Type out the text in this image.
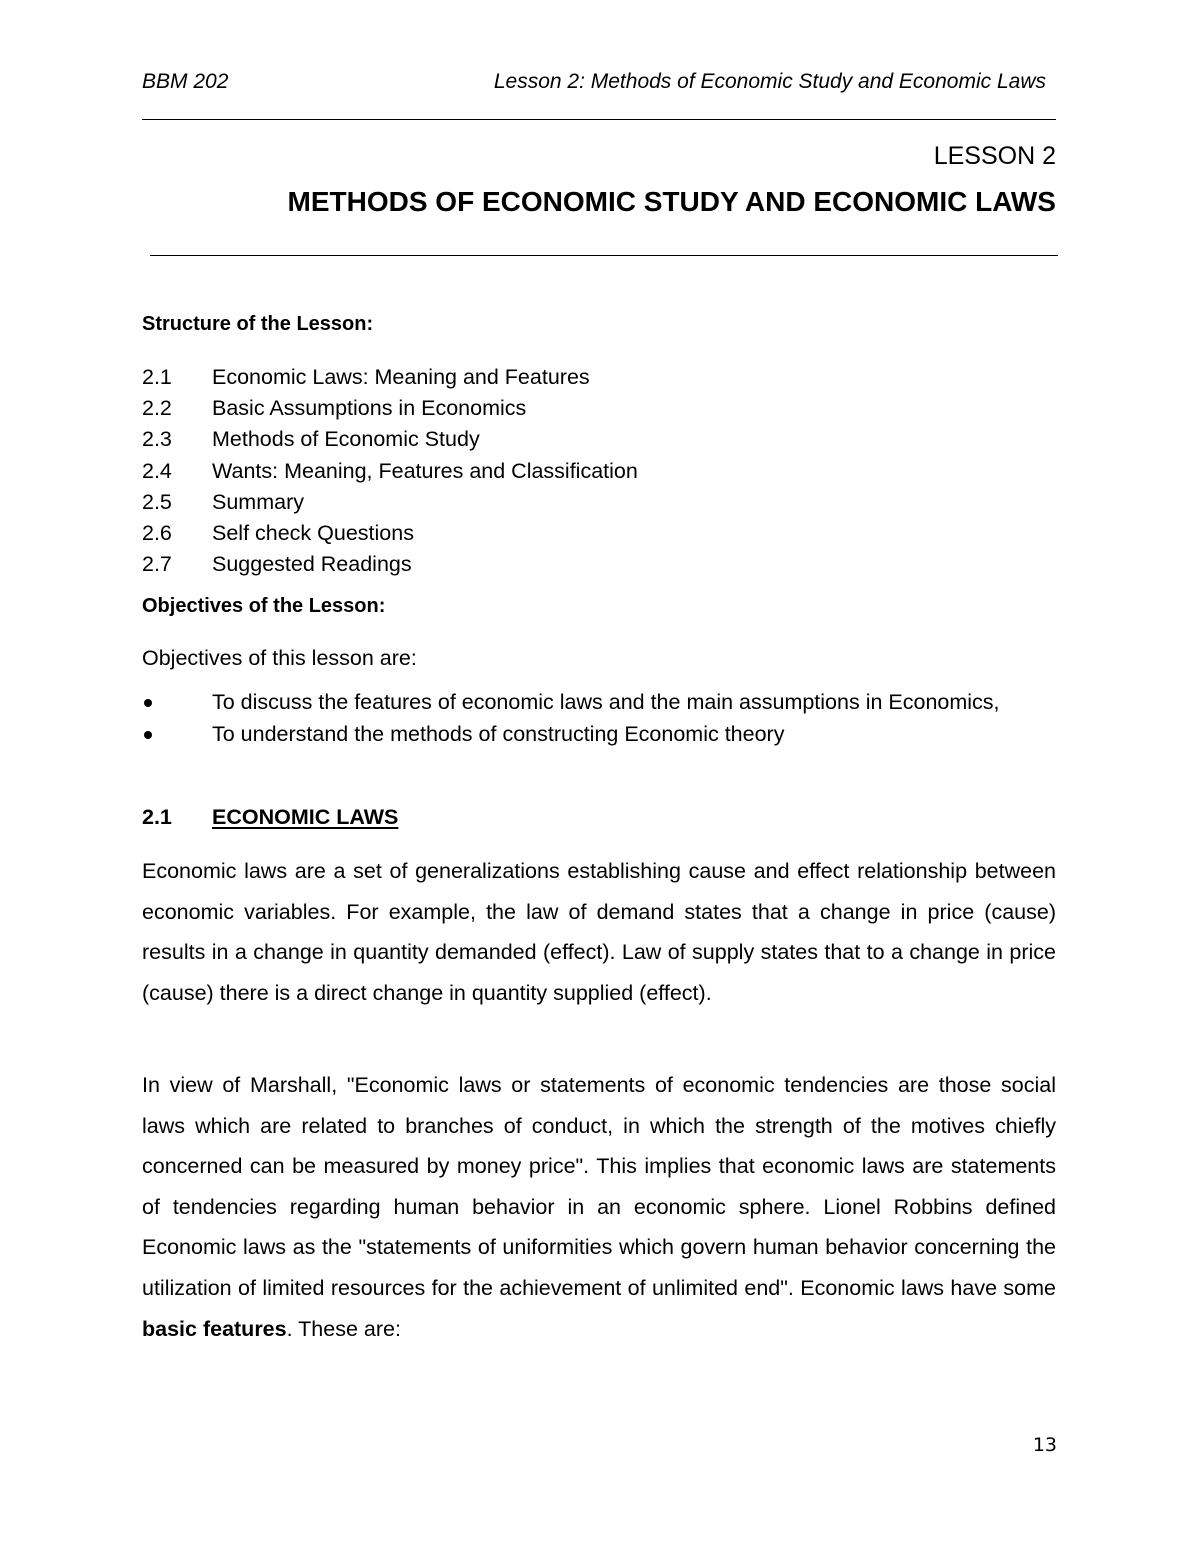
BBM 202	Lesson 2: Methods of Economic Study and Economic Laws
LESSON 2
METHODS OF ECONOMIC STUDY AND ECONOMIC LAWS
Structure of the Lesson:
2.1	Economic Laws: Meaning and Features
2.2	Basic Assumptions in Economics
2.3	Methods of Economic Study
2.4	Wants: Meaning, Features and Classification
2.5	Summary
2.6	Self check Questions
2.7	Suggested Readings
Objectives of the Lesson:
Objectives of this lesson are:
To discuss the features of economic laws and the main assumptions in Economics,
To understand the methods of constructing Economic theory
2.1	ECONOMIC LAWS
Economic laws are a set of generalizations establishing cause and effect relationship between economic variables. For example, the law of demand states that a change in price (cause) results in a change in quantity demanded (effect). Law of supply states that to a change in price (cause) there is a direct change in quantity supplied (effect).
In view of Marshall, "Economic laws or statements of economic tendencies are those social laws which are related to branches of conduct, in which the strength of the motives chiefly concerned can be measured by money price". This implies that economic laws are statements of tendencies regarding human behavior in an economic sphere. Lionel Robbins defined Economic laws as the "statements of uniformities which govern human behavior concerning the utilization of limited resources for the achievement of unlimited end". Economic laws have some basic features. These are:
13
